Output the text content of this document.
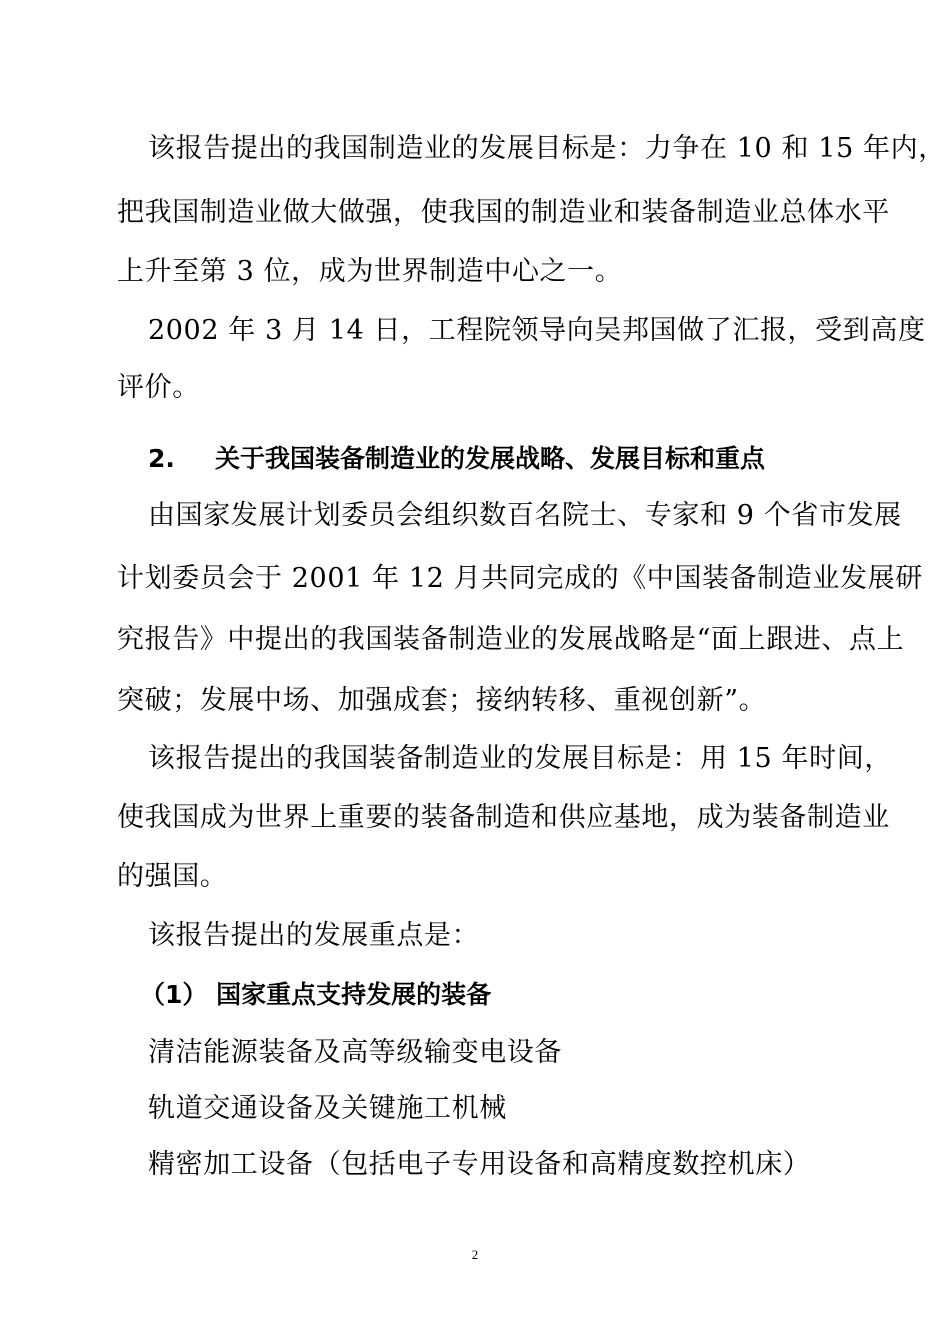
该报告提出的我国制造业的发展目标是：力争在 10 和 15 年内，
把我国制造业做大做强，使我国的制造业和装备制造业总体水平
上升至第 3 位，成为世界制造中心之一。
2002 年 3 月 14 日，工程院领导向吴邦国做了汇报，受到高度
评价。
2. 关于我国装备制造业的发展战略、发展目标和重点
由国家发展计划委员会组织数百名院士、专家和 9 个省市发展
计划委员会于 2001 年 12 月共同完成的《中国装备制造业发展研
究报告》中提出的我国装备制造业的发展战略是“面上跟进、点上
突破；发展中场、加强成套；接纳转移、重视创新”。
该报告提出的我国装备制造业的发展目标是：用 15 年时间，
使我国成为世界上重要的装备制造和供应基地，成为装备制造业
的强国。
该报告提出的发展重点是：
（1） 国家重点支持发展的装备
清洁能源装备及高等级输变电设备
轨道交通设备及关键施工机械
精密加工设备（包括电子专用设备和高精度数控机床）
2
